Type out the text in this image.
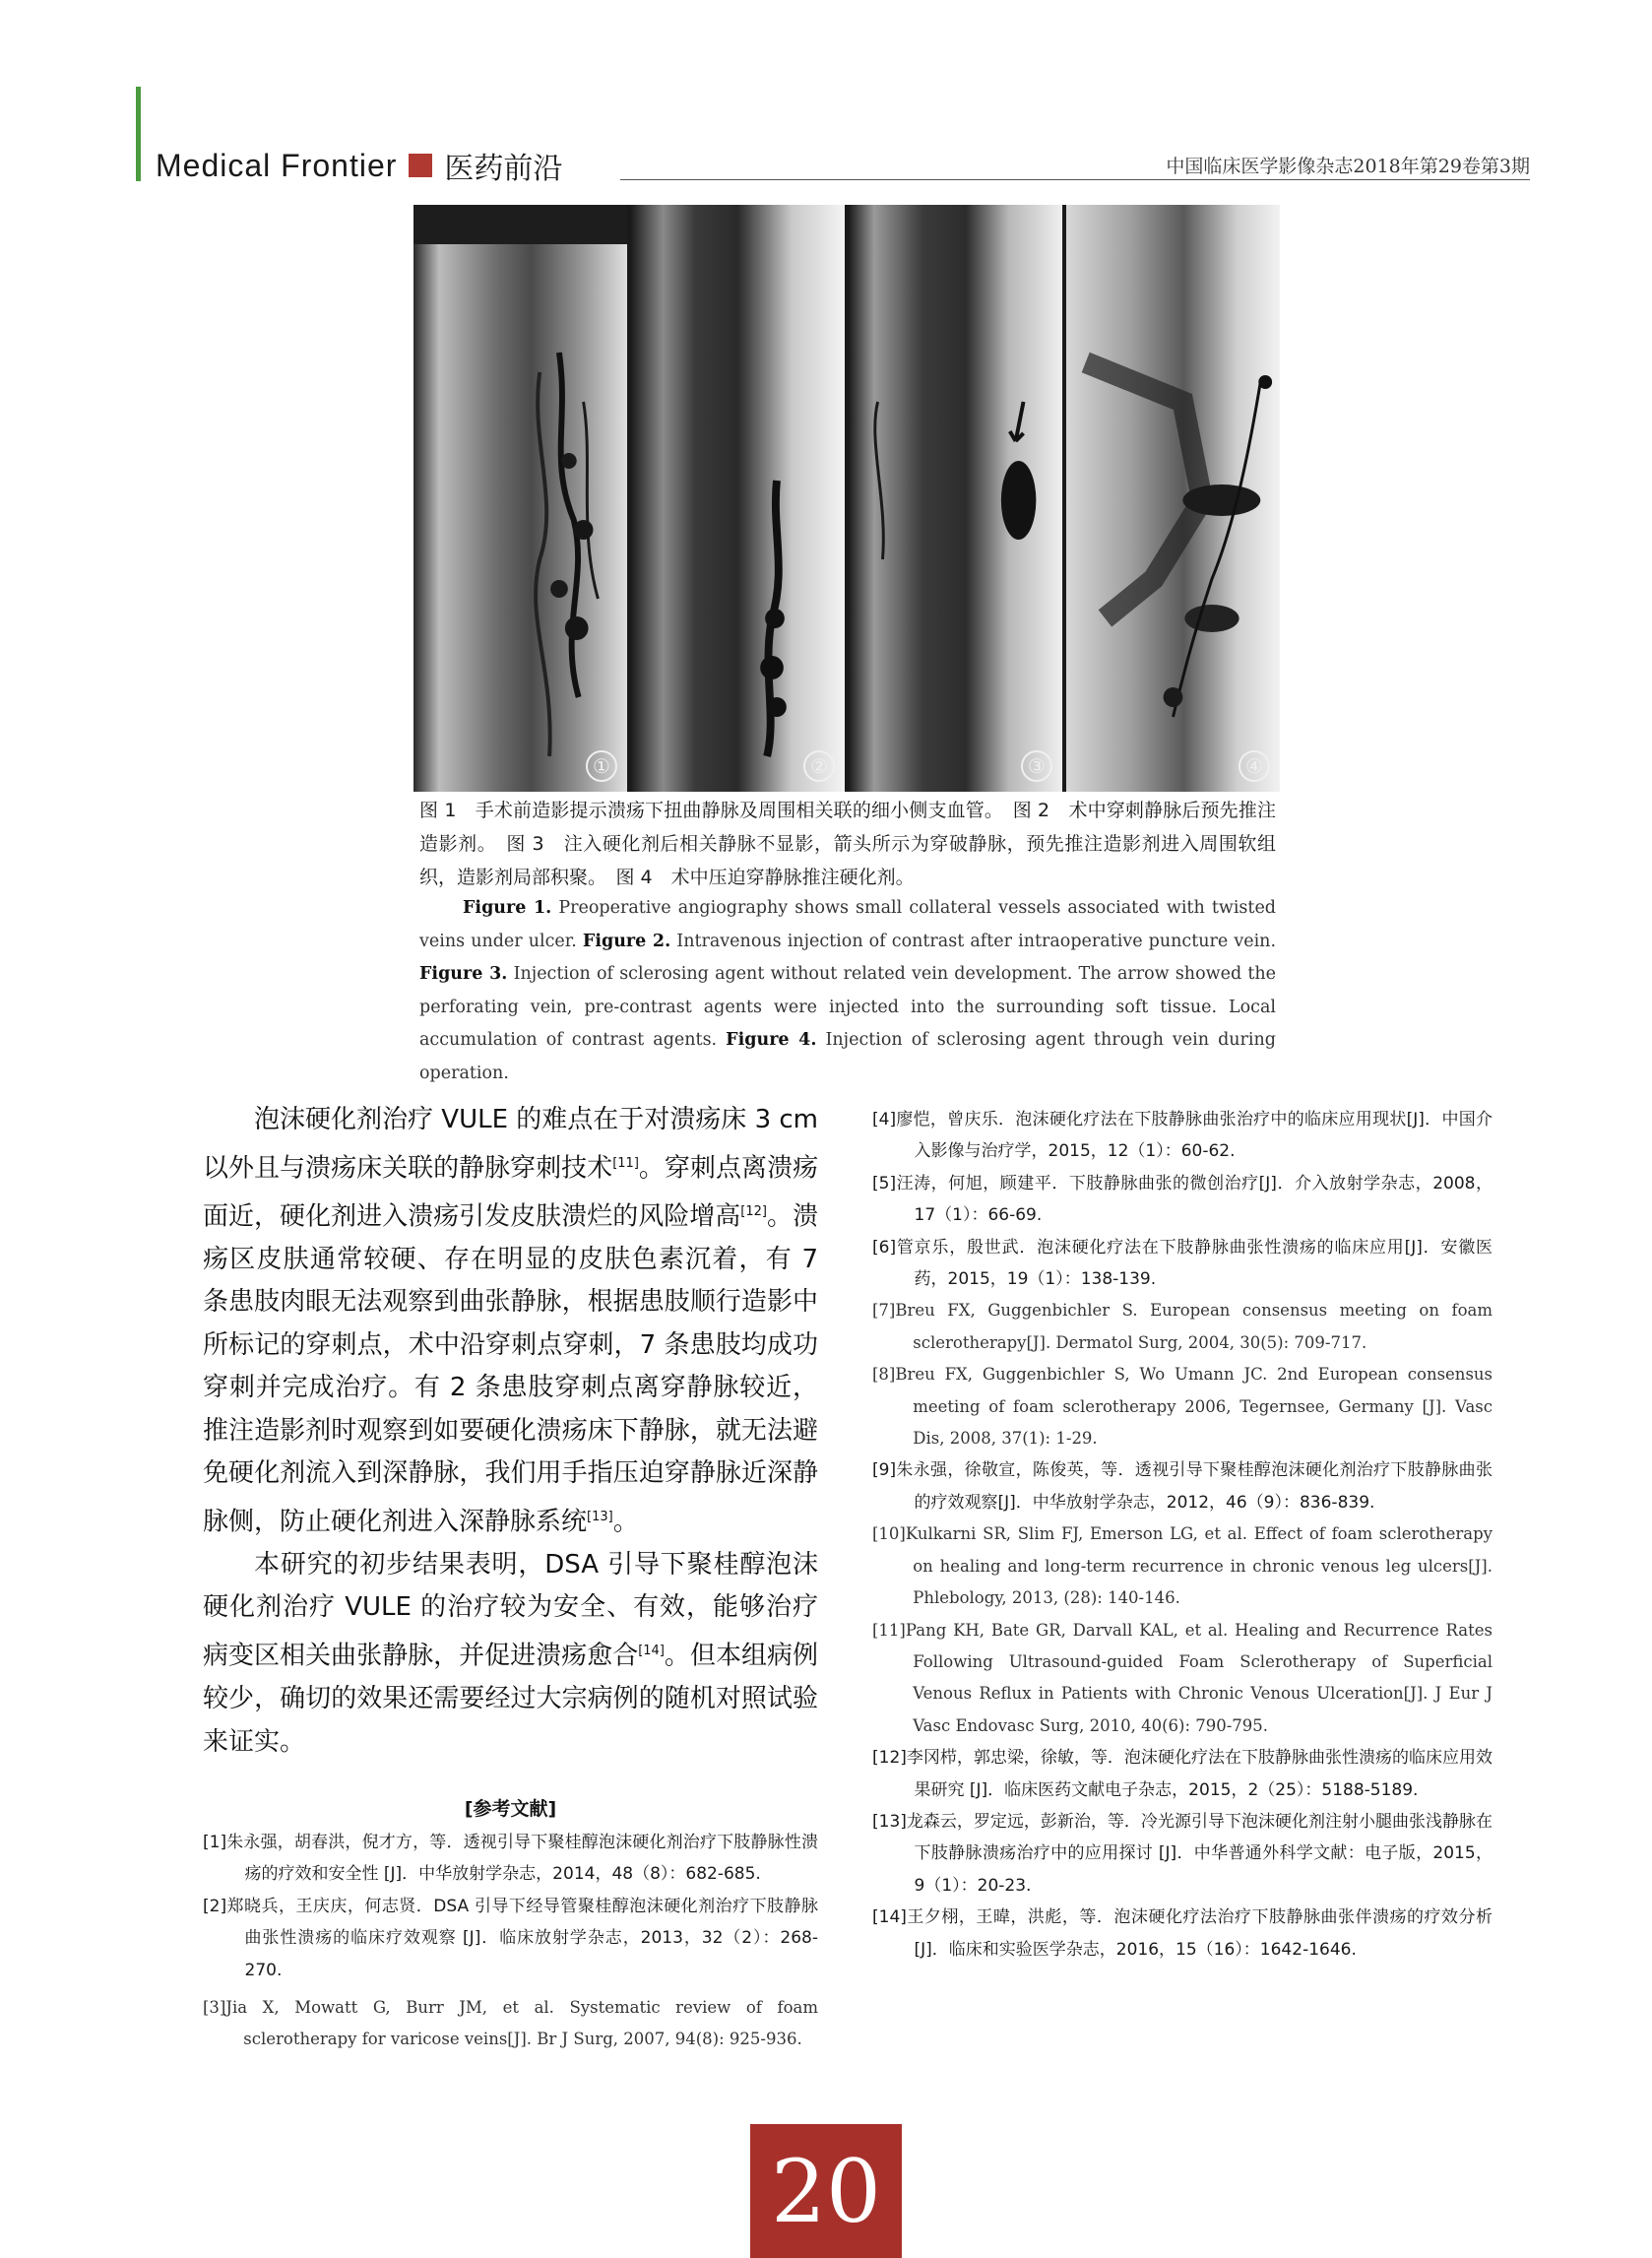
Medical Frontier 医药前沿	中国临床医学影像杂志2018年第29卷第3期
①	②	③	④
图 1　手术前造影提示溃疡下扭曲静脉及周围相关联的细小侧支血管。　图 2　术中穿刺静脉后预先推注造影剂。　图 3　注入硬化剂后相关静脉不显影，箭头所示为穿破静脉，预先推注造影剂进入周围软组织，造影剂局部积聚。　图 4　术中压迫穿静脉推注硬化剂。
Figure 1. Preoperative angiography shows small collateral vessels associated with twisted veins under ulcer. Figure 2. Intravenous injection of contrast after intraoperative puncture vein. Figure 3. Injection of sclerosing agent without related vein development. The arrow showed the perforating vein, pre-contrast agents were injected into the surrounding soft tissue. Local accumulation of contrast agents. Figure 4. Injection of sclerosing agent through vein during operation.

泡沫硬化剂治疗 VULE 的难点在于对溃疡床 3 cm 以外且与溃疡床关联的静脉穿刺技术[11]。穿刺点离溃疡面近，硬化剂进入溃疡引发皮肤溃烂的风险增高[12]。溃疡区皮肤通常较硬、存在明显的皮肤色素沉着，有 7 条患肢肉眼无法观察到曲张静脉，根据患肢顺行造影中所标记的穿刺点，术中沿穿刺点穿刺，7 条患肢均成功穿刺并完成治疗。有 2 条患肢穿刺点离穿静脉较近，推注造影剂时观察到如要硬化溃疡床下静脉，就无法避免硬化剂流入到深静脉，我们用手指压迫穿静脉近深静脉侧，防止硬化剂进入深静脉系统[13]。

本研究的初步结果表明，DSA 引导下聚桂醇泡沫硬化剂治疗 VULE 的治疗较为安全、有效，能够治疗病变区相关曲张静脉，并促进溃疡愈合[14]。但本组病例较少，确切的效果还需要经过大宗病例的随机对照试验来证实。

[参考文献]
[1]朱永强，胡春洪，倪才方，等．透视引导下聚桂醇泡沫硬化剂治疗下肢静脉性溃疡的疗效和安全性 [J]．中华放射学杂志，2014，48（8）：682-685.
[2]郑晓兵，王庆庆，何志贤．DSA 引导下经导管聚桂醇泡沫硬化剂治疗下肢静脉曲张性溃疡的临床疗效观察 [J]．临床放射学杂志，2013，32（2）：268-270.
[3]Jia X, Mowatt G, Burr JM, et al. Systematic review of foam sclerotherapy for varicose veins[J]. Br J Surg, 2007, 94(8): 925-936.
[4]廖恺，曾庆乐．泡沫硬化疗法在下肢静脉曲张治疗中的临床应用现状[J]．中国介入影像与治疗学，2015，12（1）：60-62.
[5]汪涛，何旭，顾建平．下肢静脉曲张的微创治疗[J]．介入放射学杂志，2008，17（1）：66-69.
[6]管京乐，殷世武．泡沫硬化疗法在下肢静脉曲张性溃疡的临床应用[J]．安徽医药，2015，19（1）：138-139.
[7]Breu FX, Guggenbichler S. European consensus meeting on foam sclerotherapy[J]. Dermatol Surg, 2004, 30(5): 709-717.
[8]Breu FX, Guggenbichler S, Wo Umann JC. 2nd European consensus meeting of foam sclerotherapy 2006, Tegernsee, Germany [J]. Vasc Dis, 2008, 37(1): 1-29.
[9]朱永强，徐敬宣，陈俊英，等．透视引导下聚桂醇泡沫硬化剂治疗下肢静脉曲张的疗效观察[J]．中华放射学杂志，2012，46（9）：836-839.
[10]Kulkarni SR, Slim FJ, Emerson LG, et al. Effect of foam sclerotherapy on healing and long-term recurrence in chronic venous leg ulcers[J]. Phlebology, 2013, (28): 140-146.
[11]Pang KH, Bate GR, Darvall KAL, et al. Healing and Recurrence Rates Following Ultrasound-guided Foam Sclerotherapy of Superficial Venous Reflux in Patients with Chronic Venous Ulceration[J]. J Eur J Vasc Endovasc Surg, 2010, 40(6): 790-795.
[12]李冈栉，郭忠梁，徐敏，等．泡沫硬化疗法在下肢静脉曲张性溃疡的临床应用效果研究 [J]．临床医药文献电子杂志，2015，2（25）：5188-5189.
[13]龙森云，罗定远，彭新治，等．冷光源引导下泡沫硬化剂注射小腿曲张浅静脉在下肢静脉溃疡治疗中的应用探讨 [J]．中华普通外科学文献：电子版，2015，9（1）：20-23.
[14]王夕栩，王暐，洪彪，等．泡沫硬化疗法治疗下肢静脉曲张伴溃疡的疗效分析[J]．临床和实验医学杂志，2016，15（16）：1642-1646.
20
